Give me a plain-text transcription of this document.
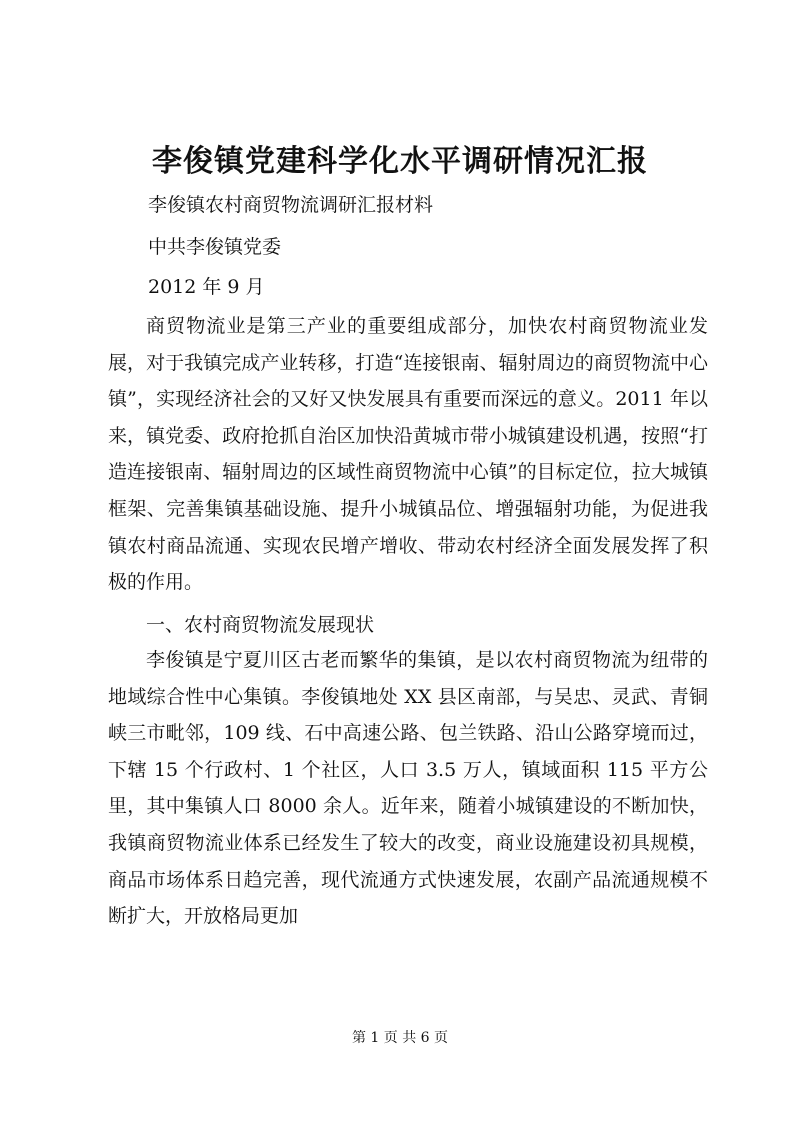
李俊镇党建科学化水平调研情况汇报

李俊镇农村商贸物流调研汇报材料

中共李俊镇党委

2012 年 9 月

商贸物流业是第三产业的重要组成部分，加快农村商贸物流业发展，对于我镇完成产业转移，打造“连接银南、辐射周边的商贸物流中心镇”，实现经济社会的又好又快发展具有重要而深远的意义。2011 年以来，镇党委、政府抢抓自治区加快沿黄城市带小城镇建设机遇，按照“打造连接银南、辐射周边的区域性商贸物流中心镇”的目标定位，拉大城镇框架、完善集镇基础设施、提升小城镇品位、增强辐射功能，为促进我镇农村商品流通、实现农民增产增收、带动农村经济全面发展发挥了积极的作用。

一、农村商贸物流发展现状

李俊镇是宁夏川区古老而繁华的集镇，是以农村商贸物流为纽带的地域综合性中心集镇。李俊镇地处 XX 县区南部，与吴忠、灵武、青铜峡三市毗邻，109 线、石中高速公路、包兰铁路、沿山公路穿境而过，下辖 15 个行政村、1 个社区，人口 3.5 万人，镇域面积 115 平方公里，其中集镇人口 8000 余人。近年来，随着小城镇建设的不断加快，我镇商贸物流业体系已经发生了较大的改变，商业设施建设初具规模，商品市场体系日趋完善，现代流通方式快速发展，农副产品流通规模不断扩大，开放格局更加

第 1 页 共 6 页
